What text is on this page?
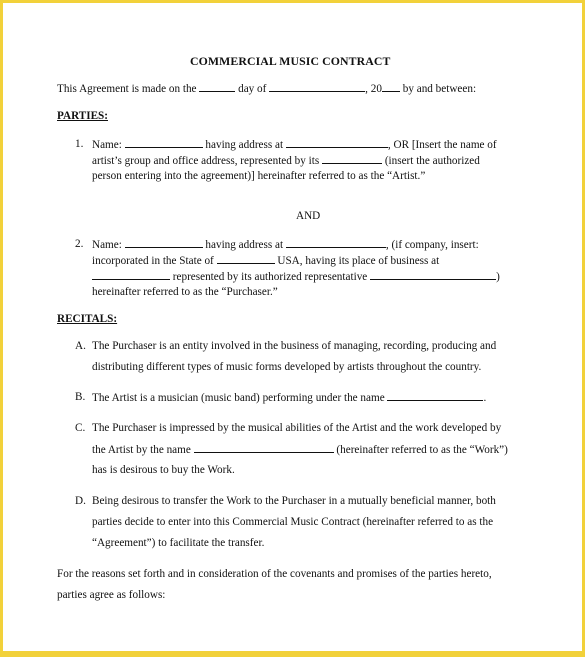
COMMERCIAL MUSIC CONTRACT
This Agreement is made on the	day of	, 20 by and between:
PARTIES:
1. Name:	having address at	, OR [Insert the name of
artist’s group and office address, represented by its	(insert the authorized
person entering into the agreement)] hereinafter referred to as the “Artist.”
AND
2. Name:	having address at	, (if company, insert:
incorporated in the State of	USA, having its place of business at
represented by its authorized representative	)
hereinafter referred to as the “Purchaser.”
RECITALS:
A. The Purchaser is an entity involved in the business of managing, recording, producing and
distributing different types of music forms developed by artists throughout the country.
B. The Artist is a musician (music band) performing under the name	.
C. The Purchaser is impressed by the musical abilities of the Artist and the work developed by
the Artist by the name	(hereinafter referred to as the “Work”)
has is desirous to buy the Work.
D. Being desirous to transfer the Work to the Purchaser in a mutually beneficial manner, both
parties decide to enter into this Commercial Music Contract (hereinafter referred to as the
“Agreement”) to facilitate the transfer.
For the reasons set forth and in consideration of the covenants and promises of the parties hereto,
parties agree as follows:
